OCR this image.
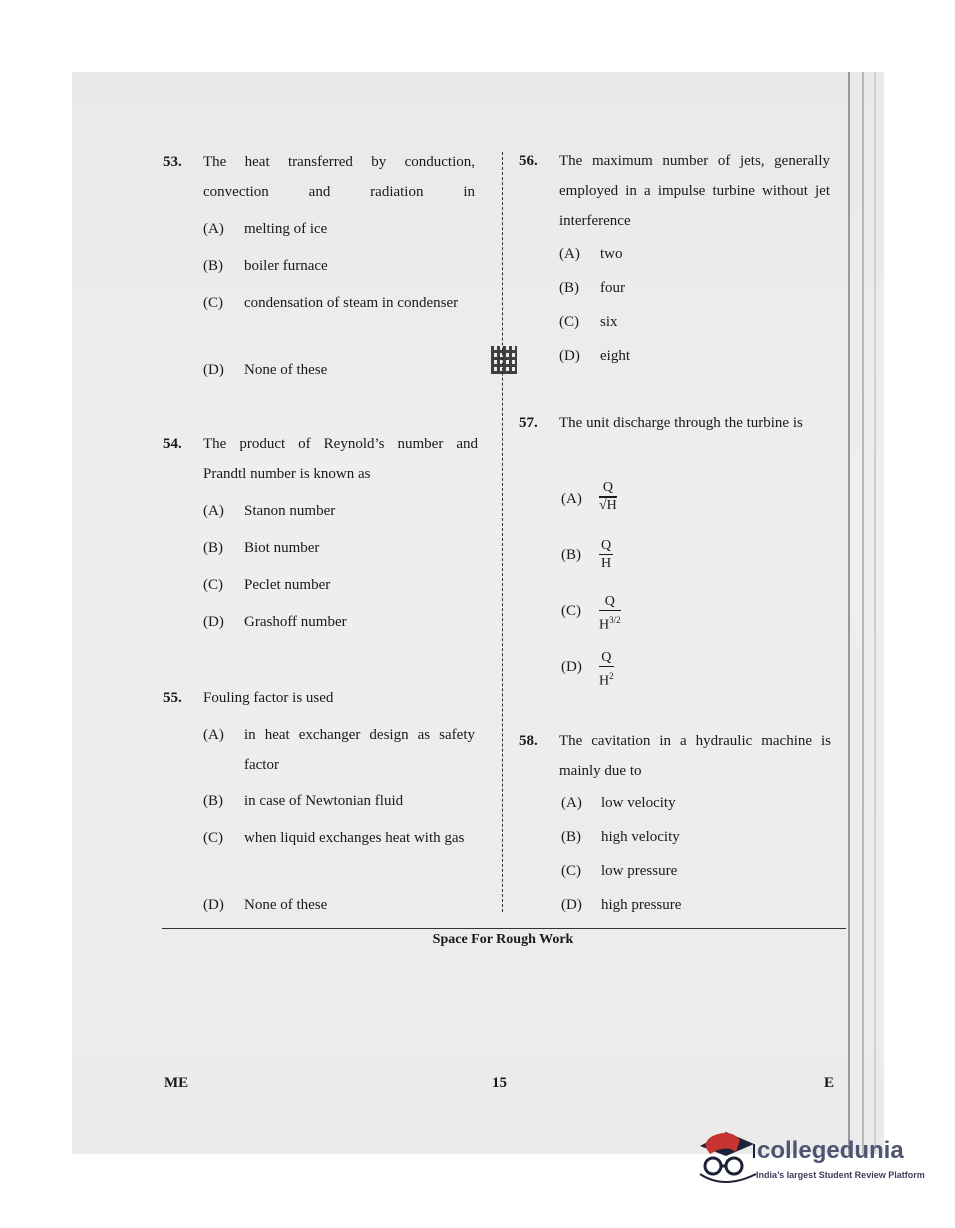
53. The heat transferred by conduction, convection and radiation in
(A) melting of ice
(B) boiler furnace
(C) condensation of steam in condenser
(D) None of these
54. The product of Reynold’s number and Prandtl number is known as
(A) Stanon number
(B) Biot number
(C) Peclet number
(D) Grashoff number
55. Fouling factor is used
(A) in heat exchanger design as safety factor
(B) in case of Newtonian fluid
(C) when liquid exchanges heat with gas
(D) None of these
56. The maximum number of jets, generally employed in a impulse turbine without jet interference
(A) two
(B) four
(C) six
(D) eight
57. The unit discharge through the turbine is
$(A) \frac{Q}{√H}$
$(B) \frac{Q}{H}$
$(C) \frac{Q}{H^{3/2}}$
$(D) \frac{Q}{H^2}$
58. The cavitation in a hydraulic machine is mainly due to
(A) low velocity
(B) high velocity
(C) low pressure
(D) high pressure
Space For Rough Work
ME	15	E
collegedunia
India’s largest Student Review Platform
